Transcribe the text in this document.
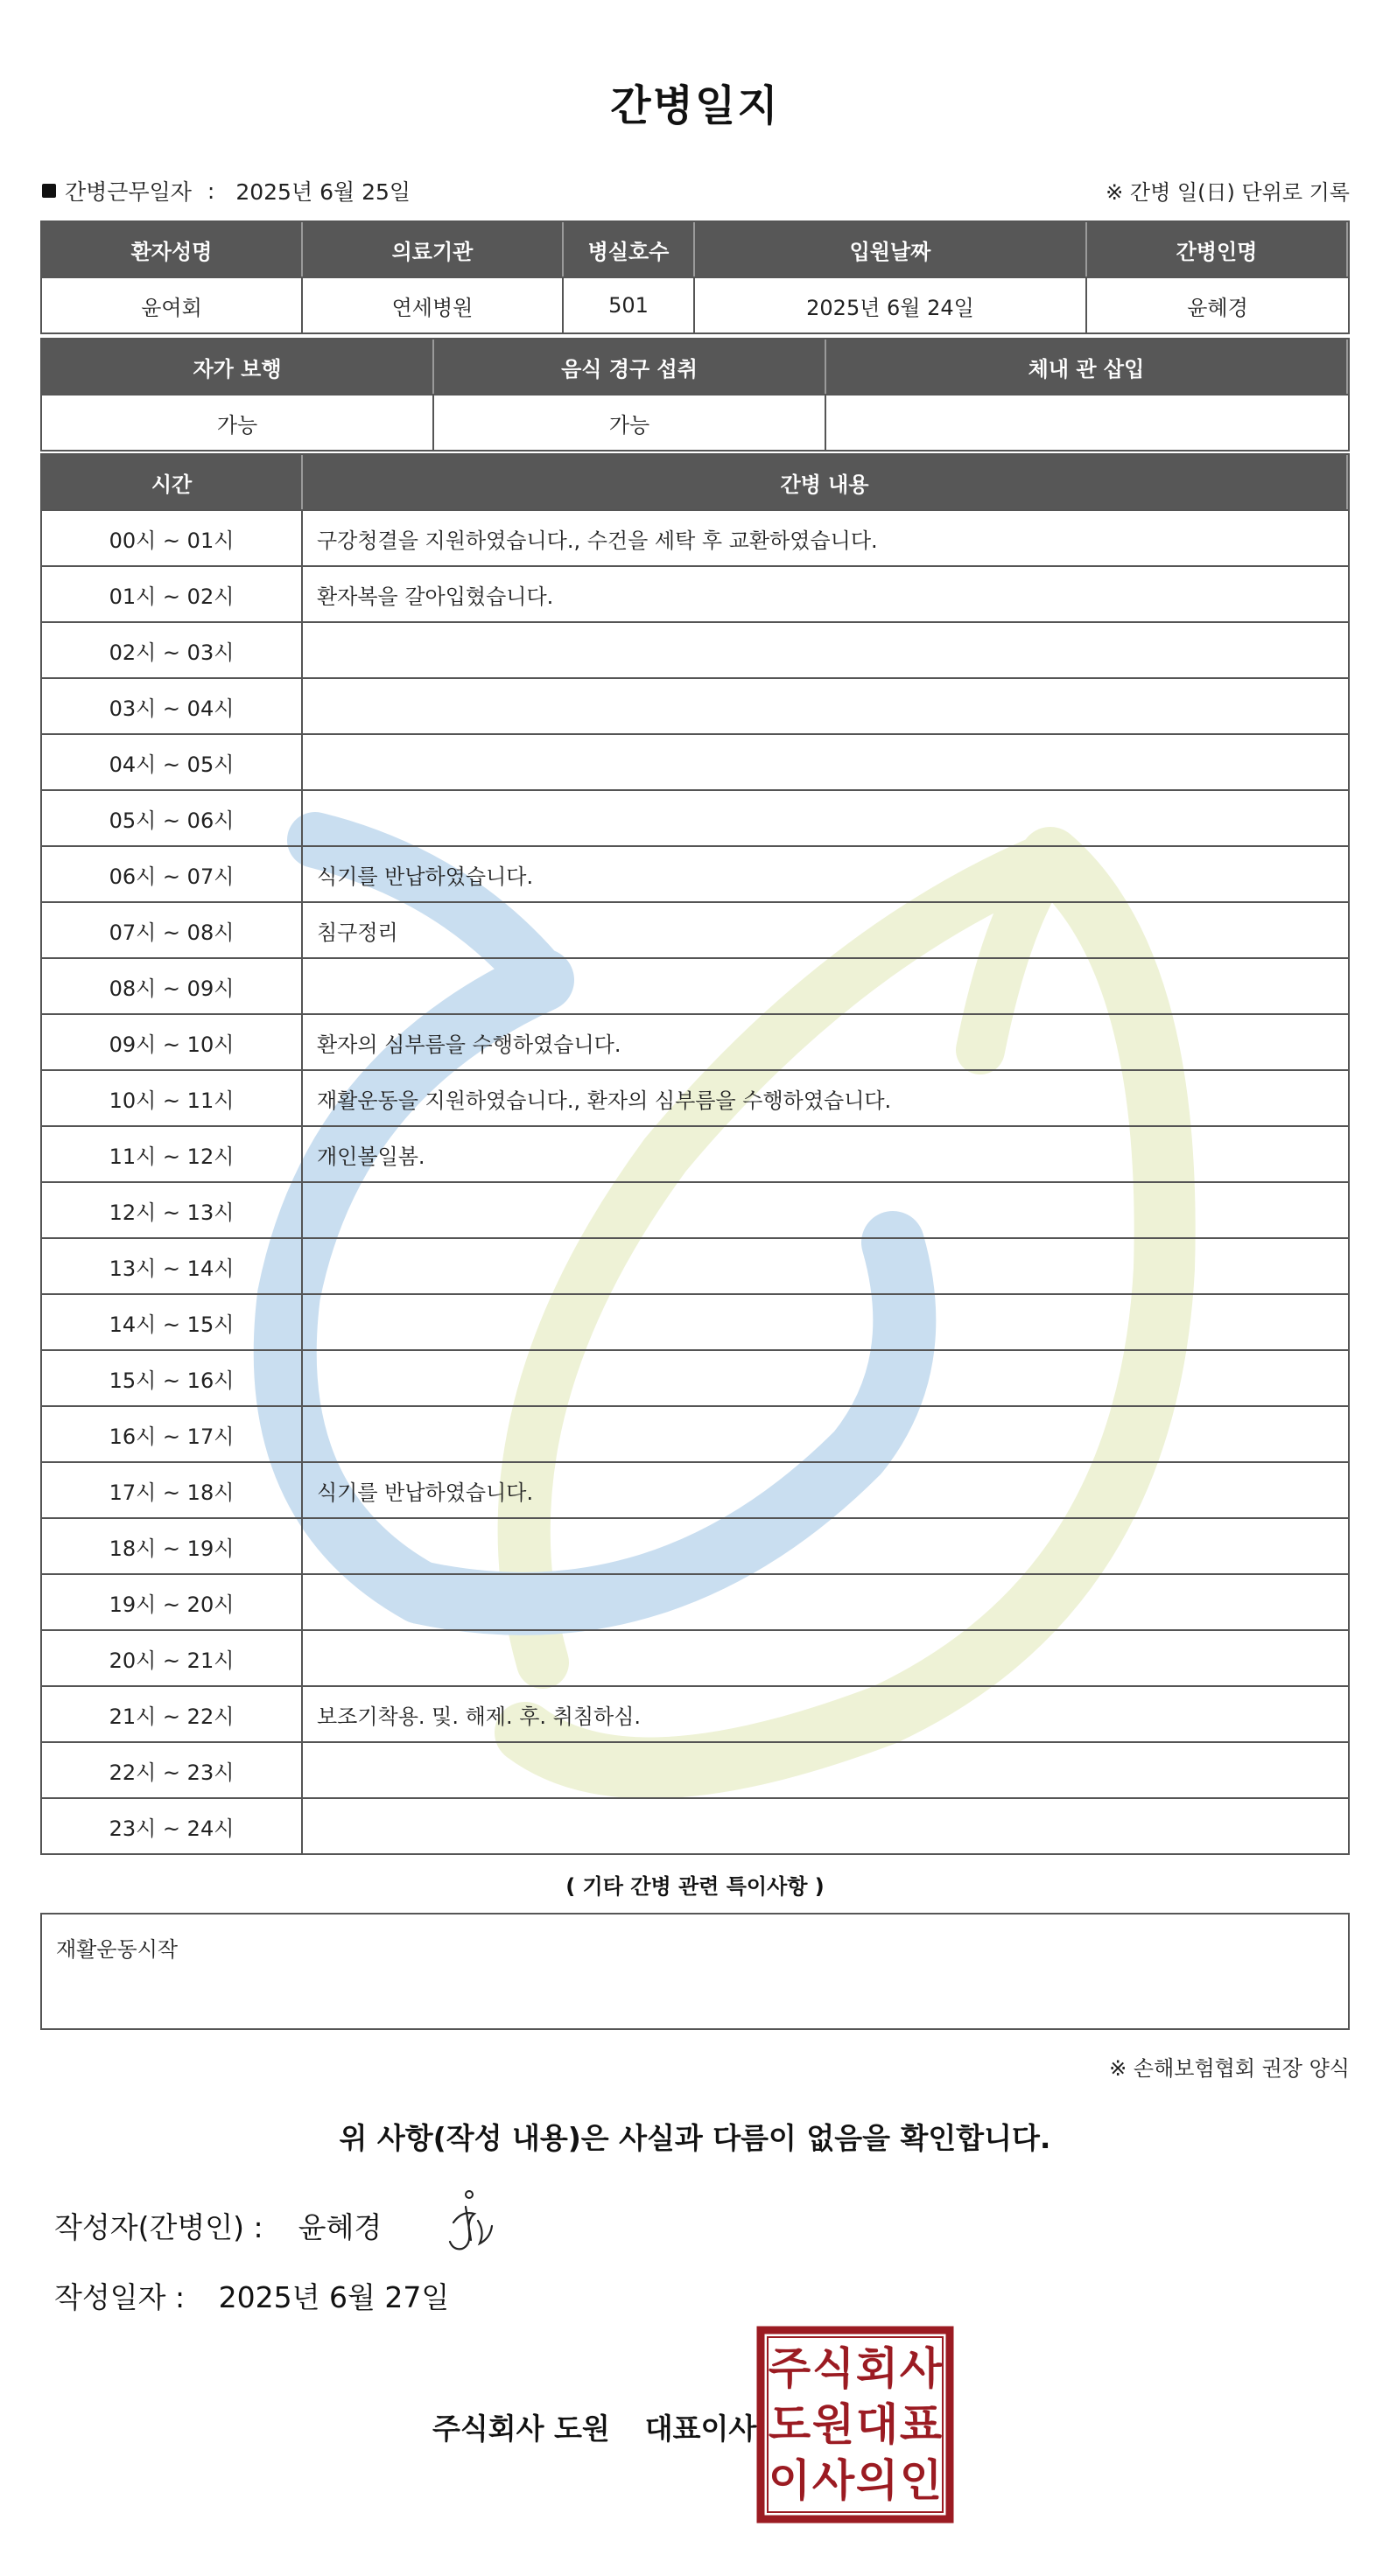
간병일지
간병근무일자 : 2025년 6월 25일	※ 간병 일(日) 단위로 기록
환자성명	의료기관	병실호수	입원날짜	간병인명
윤여회	연세병원	501	2025년 6월 24일	윤혜경
자가 보행	음식 경구 섭취	체내 관 삽입
가능	가능
시간	간병 내용
00시 ~ 01시	구강청결을 지원하였습니다., 수건을 세탁 후 교환하였습니다.
01시 ~ 02시	환자복을 갈아입혔습니다.
02시 ~ 03시
03시 ~ 04시
04시 ~ 05시
05시 ~ 06시
06시 ~ 07시	식기를 반납하였습니다.
07시 ~ 08시	침구정리
08시 ~ 09시
09시 ~ 10시	환자의 심부름을 수행하였습니다.
10시 ~ 11시	재활운동을 지원하였습니다., 환자의 심부름을 수행하였습니다.
11시 ~ 12시	개인볼일봄.
12시 ~ 13시
13시 ~ 14시
14시 ~ 15시
15시 ~ 16시
16시 ~ 17시
17시 ~ 18시	식기를 반납하였습니다.
18시 ~ 19시
19시 ~ 20시
20시 ~ 21시
21시 ~ 22시	보조기착용. 및. 해제. 후. 취침하심.
22시 ~ 23시
23시 ~ 24시
( 기타 간병 관련 특이사항 )
재활운동시작
※ 손해보험협회 권장 양식
위 사항(작성 내용)은 사실과 다름이 없음을 확인합니다.
작성자(간병인) : 윤혜경
작성일자 : 2025년 6월 27일
주식회사 도원 대표이사
주 식 회 사
도 원 대 표
이 사 의 인
